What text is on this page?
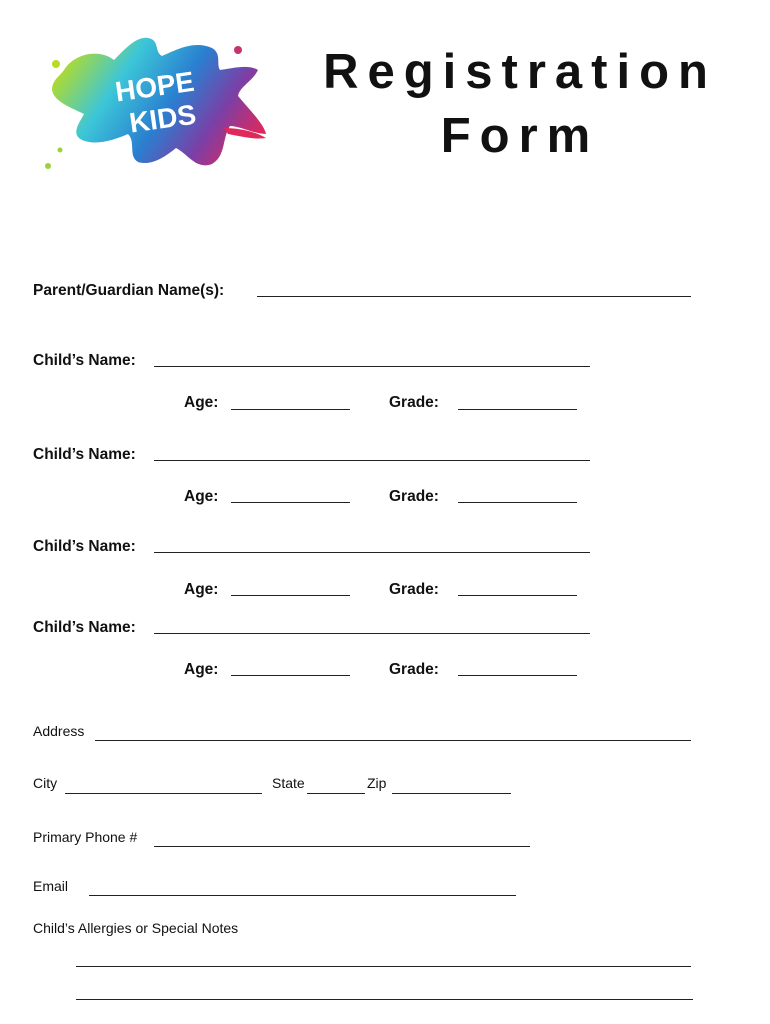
HOPE
KIDS
Registration
Form
Parent/Guardian Name(s):
Child’s Name:
Age:	Grade:
Child’s Name:
Age:	Grade:
Child’s Name:
Age:	Grade:
Child’s Name:
Age:	Grade:
Address
City	State	Zip
Primary Phone #
Email
Child’s Allergies or Special Notes
